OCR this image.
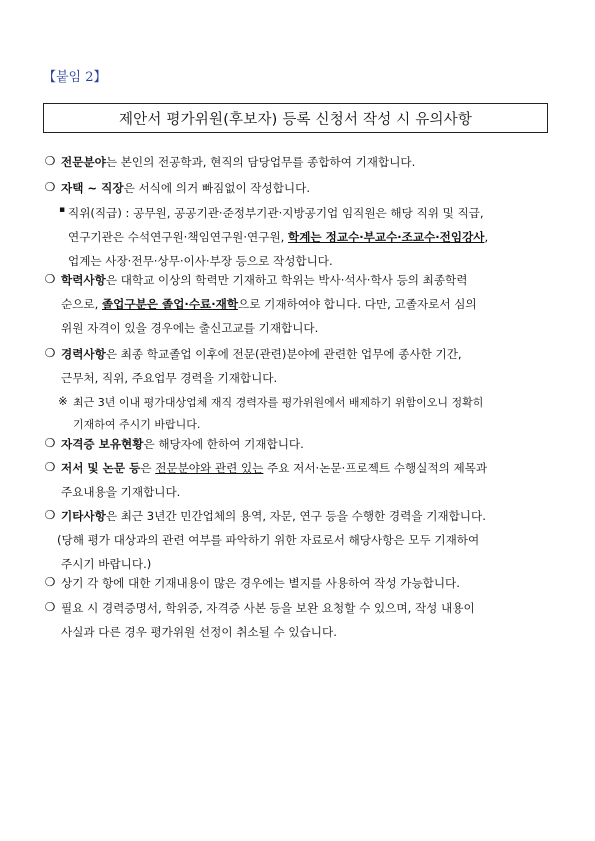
【붙임 2】
제안서 평가위원(후보자) 등록 신청서 작성 시 유의사항
❍ 전문분야는 본인의 전공학과, 현직의 담당업무를 종합하여 기재합니다.
❍ 자택 ~ 직장은 서식에 의거 빠짐없이 작성합니다.
▪ 직위(직급) : 공무원, 공공기관·준정부기관·지방공기업 임직원은 해당 직위 및 직급,
연구기관은 수석연구원·책임연구원·연구원, 학계는 정교수·부교수·조교수·전임강사,
업계는 사장·전무·상무·이사·부장 등으로 작성합니다.
❍ 학력사항은 대학교 이상의 학력만 기재하고 학위는 박사·석사·학사 등의 최종학력
순으로, 졸업구분은 졸업·수료·재학으로 기재하여야 합니다. 다만, 고졸자로서 심의
위원 자격이 있을 경우에는 출신고교를 기재합니다.
❍ 경력사항은 최종 학교졸업 이후에 전문(관련)분야에 관련한 업무에 종사한 기간,
근무처, 직위, 주요업무 경력을 기재합니다.
※ 최근 3년 이내 평가대상업체 재직 경력자를 평가위원에서 배제하기 위함이오니 정확히
기재하여 주시기 바랍니다.
❍ 자격증 보유현황은 해당자에 한하여 기재합니다.
❍ 저서 및 논문 등은 전문분야와 관련 있는 주요 저서·논문·프로젝트 수행실적의 제목과
주요내용을 기재합니다.
❍ 기타사항은 최근 3년간 민간업체의 용역, 자문, 연구 등을 수행한 경력을 기재합니다.
(당해 평가 대상과의 관련 여부를 파악하기 위한 자료로서 해당사항은 모두 기재하여
주시기 바랍니다.)
❍ 상기 각 항에 대한 기재내용이 많은 경우에는 별지를 사용하여 작성 가능합니다.
❍ 필요 시 경력증명서, 학위증, 자격증 사본 등을 보완 요청할 수 있으며, 작성 내용이
사실과 다른 경우 평가위원 선정이 취소될 수 있습니다.
